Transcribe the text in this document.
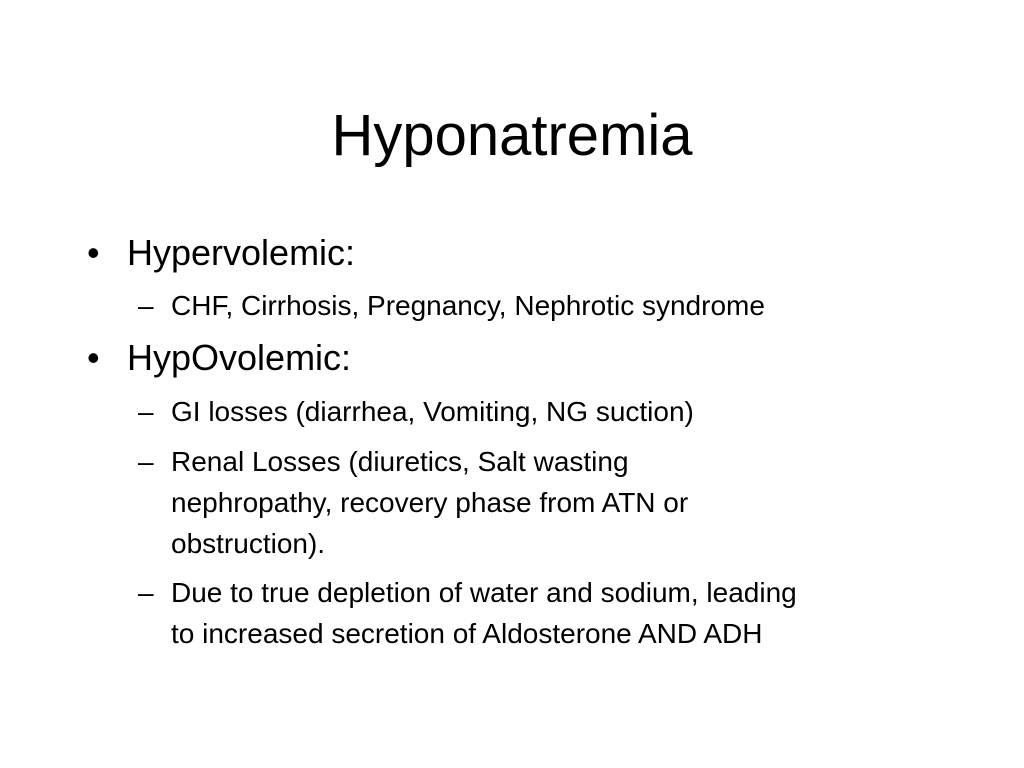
Hyponatremia
• Hypervolemic:
– CHF, Cirrhosis, Pregnancy, Nephrotic syndrome
• HypOvolemic:
– GI losses (diarrhea, Vomiting, NG suction)
– Renal Losses (diuretics, Salt wasting
nephropathy, recovery phase from ATN or
obstruction).
– Due to true depletion of water and sodium, leading
to increased secretion of Aldosterone AND ADH
